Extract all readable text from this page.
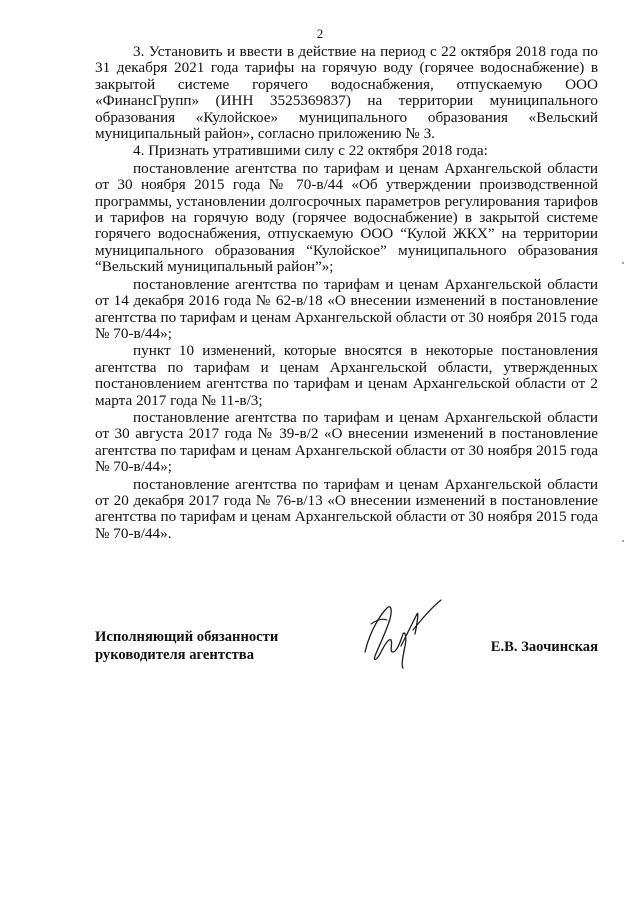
2

3. Установить и ввести в действие на период с 22 октября 2018 года по 31 декабря 2021 года тарифы на горячую воду (горячее водоснабжение) в закрытой системе горячего водоснабжения, отпускаемую ООО «ФинансГрупп» (ИНН 3525369837) на территории муниципального образования «Кулойское» муниципального образования «Вельский муниципальный район», согласно приложению № 3.

4. Признать утратившими силу с 22 октября 2018 года:

постановление агентства по тарифам и ценам Архангельской области от 30 ноября 2015 года № 70-в/44 «Об утверждении производственной программы, установлении долгосрочных параметров регулирования тарифов и тарифов на горячую воду (горячее водоснабжение) в закрытой системе горячего водоснабжения, отпускаемую ООО “Кулой ЖКХ” на территории муниципального образования “Кулойское” муниципального образования “Вельский муниципальный район”»;

постановление агентства по тарифам и ценам Архангельской области от 14 декабря 2016 года № 62-в/18 «О внесении изменений в постановление агентства по тарифам и ценам Архангельской области от 30 ноября 2015 года № 70-в/44»;

пункт 10 изменений, которые вносятся в некоторые постановления агентства по тарифам и ценам Архангельской области, утвержденных постановлением агентства по тарифам и ценам Архангельской области от 2 марта 2017 года № 11-в/3;

постановление агентства по тарифам и ценам Архангельской области от 30 августа 2017 года № 39-в/2 «О внесении изменений в постановление агентства по тарифам и ценам Архангельской области от 30 ноября 2015 года № 70-в/44»;

постановление агентства по тарифам и ценам Архангельской области от 20 декабря 2017 года № 76-в/13 «О внесении изменений в постановление агентства по тарифам и ценам Архангельской области от 30 ноября 2015 года № 70-в/44».

Исполняющий обязанности
руководителя агентства	Е.В. Заочинская
